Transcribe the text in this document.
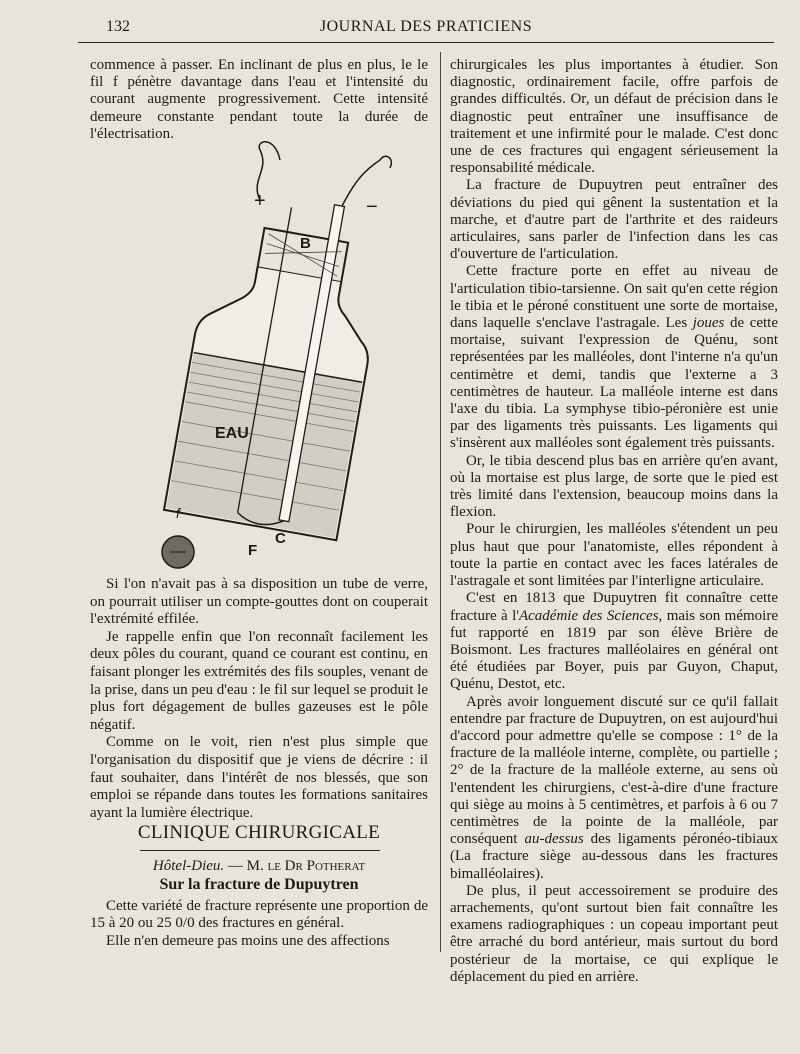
132	JOURNAL DES PRATICIENS

commence à passer. En inclinant de plus en plus, le le fil f pénètre davantage dans l'eau et l'intensité du courant augmente progressivement. Cette intensité demeure constante pendant toute la durée de l'électrisation.

+	−
B
EAU
C
f
F

Si l'on n'avait pas à sa disposition un tube de verre, on pourrait utiliser un compte-gouttes dont on couperait l'extrémité effilée.

Je rappelle enfin que l'on reconnaît facilement les deux pôles du courant, quand ce courant est continu, en faisant plonger les extrémités des fils souples, venant de la prise, dans un peu d'eau : le fil sur lequel se produit le plus fort dégagement de bulles gazeuses est le pôle négatif.

Comme on le voit, rien n'est plus simple que l'organisation du dispositif que je viens de décrire : il faut souhaiter, dans l'intérêt de nos blessés, que son emploi se répande dans toutes les formations sanitaires ayant la lumière électrique.

CLINIQUE CHIRURGICALE
Hôtel-Dieu. — M. le Dr Potherat
Sur la fracture de Dupuytren

Cette variété de fracture représente une proportion de 15 à 20 ou 25 0/0 des fractures en général.

Elle n'en demeure pas moins une des affections

chirurgicales les plus importantes à étudier. Son diagnostic, ordinairement facile, offre parfois de grandes difficultés. Or, un défaut de précision dans le diagnostic peut entraîner une insuffisance de traitement et une infirmité pour le malade. C'est donc une de ces fractures qui engagent sérieusement la responsabilité médicale.

La fracture de Dupuytren peut entraîner des déviations du pied qui gênent la sustentation et la marche, et d'autre part de l'arthrite et des raideurs articulaires, sans parler de l'infection dans les cas d'ouverture de l'articulation.

Cette fracture porte en effet au niveau de l'articulation tibio-tarsienne. On sait qu'en cette région le tibia et le péroné constituent une sorte de mortaise, dans laquelle s'enclave l'astragale. Les joues de cette mortaise, suivant l'expression de Quénu, sont représentées par les malléoles, dont l'interne n'a qu'un centimètre et demi, tandis que l'externe a 3 centimètres de hauteur. La malléole interne est dans l'axe du tibia. La symphyse tibio-péronière est unie par des ligaments très puissants. Les ligaments qui s'insèrent aux malléoles sont également très puissants.

Or, le tibia descend plus bas en arrière qu'en avant, où la mortaise est plus large, de sorte que le pied est très limité dans l'extension, beaucoup moins dans la flexion.

Pour le chirurgien, les malléoles s'étendent un peu plus haut que pour l'anatomiste, elles répondent à toute la partie en contact avec les faces latérales de l'astragale et sont limitées par l'interligne articulaire.

C'est en 1813 que Dupuytren fit connaître cette fracture à l'Académie des Sciences, mais son mémoire fut rapporté en 1819 par son élève Brière de Boismont. Les fractures malléolaires en général ont été étudiées par Boyer, puis par Guyon, Chaput, Quénu, Destot, etc.

Après avoir longuement discuté sur ce qu'il fallait entendre par fracture de Dupuytren, on est aujourd'hui d'accord pour admettre qu'elle se compose : 1° de la fracture de la malléole interne, complète, ou partielle ; 2° de la fracture de la malléole externe, au sens où l'entendent les chirurgiens, c'est-à-dire d'une fracture qui siège au moins à 5 centimètres, et parfois à 6 ou 7 centimètres de la pointe de la malléole, par conséquent au-dessus des ligaments péronéo-tibiaux (La fracture siège au-dessous dans les fractures bimalléolaires).

De plus, il peut accessoirement se produire des arrachements, qu'ont surtout bien fait connaître les examens radiographiques : un copeau important peut être arraché du bord antérieur, mais surtout du bord postérieur de la mortaise, ce qui explique le déplacement du pied en arrière.
